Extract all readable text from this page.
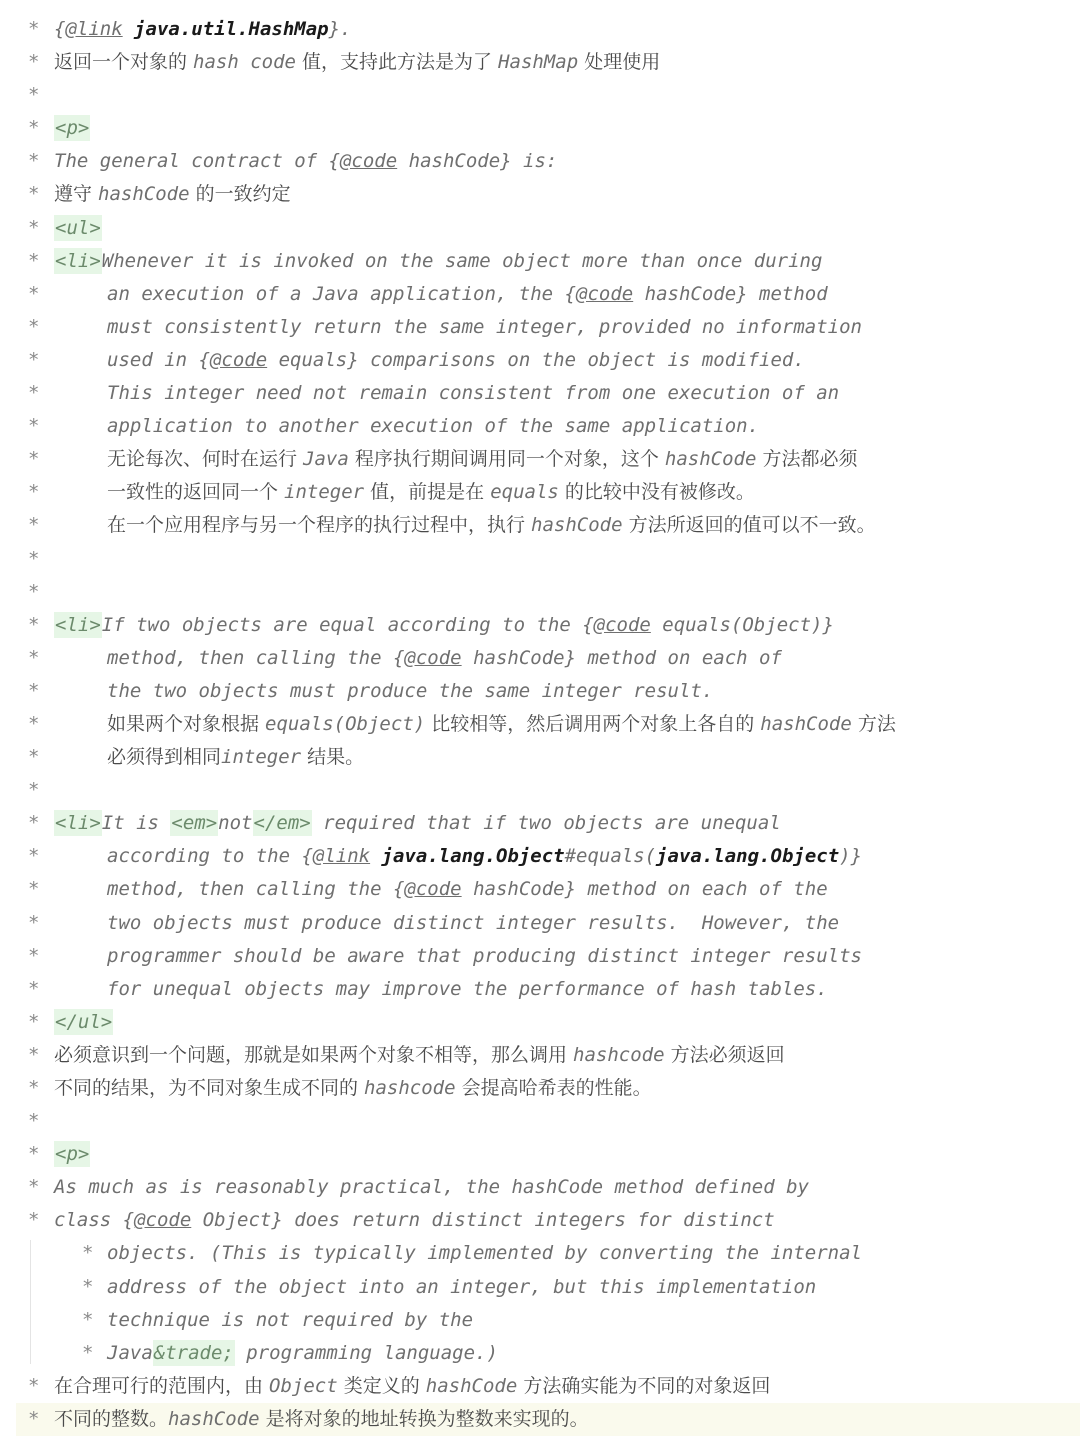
* {@link java.util.HashMap}.
* 返回一个对象的 hash code 值，支持此方法是为了 HashMap 处理使用
*
* <p>
* The general contract of {@code hashCode} is:
* 遵守 hashCode 的一致约定
* <ul>
* <li>Whenever it is invoked on the same object more than once during
*	an execution of a Java application, the {@code hashCode} method
*	must consistently return the same integer, provided no information
*	used in {@code equals} comparisons on the object is modified.
*	This integer need not remain consistent from one execution of an
*	application to another execution of the same application.
*	无论每次、何时在运行 Java 程序执行期间调用同一个对象，这个 hashCode 方法都必须
*	一致性的返回同一个 integer 值，前提是在 equals 的比较中没有被修改。
*	在一个应用程序与另一个程序的执行过程中，执行 hashCode 方法所返回的值可以不一致。
*
*
* <li>If two objects are equal according to the {@code equals(Object)}
*	method, then calling the {@code hashCode} method on each of
*	the two objects must produce the same integer result.
*	如果两个对象根据 equals(Object) 比较相等，然后调用两个对象上各自的 hashCode 方法
*	必须得到相同integer 结果。
*
* <li>It is <em>not</em> required that if two objects are unequal
*	according to the {@link java.lang.Object#equals(java.lang.Object)}
*	method, then calling the {@code hashCode} method on each of the
*	two objects must produce distinct integer results.  However, the
*	programmer should be aware that producing distinct integer results
*	for unequal objects may improve the performance of hash tables.
* </ul>
* 必须意识到一个问题，那就是如果两个对象不相等，那么调用 hashcode 方法必须返回
* 不同的结果，为不同对象生成不同的 hashcode 会提高哈希表的性能。
*
* <p>
* As much as is reasonably practical, the hashCode method defined by
* class {@code Object} does return distinct integers for distinct
* objects. (This is typically implemented by converting the internal
* address of the object into an integer, but this implementation
* technique is not required by the
* Java&trade; programming language.)
* 在合理可行的范围内，由 Object 类定义的 hashCode 方法确实能为不同的对象返回
* 不同的整数。hashCode 是将对象的地址转换为整数来实现的。
